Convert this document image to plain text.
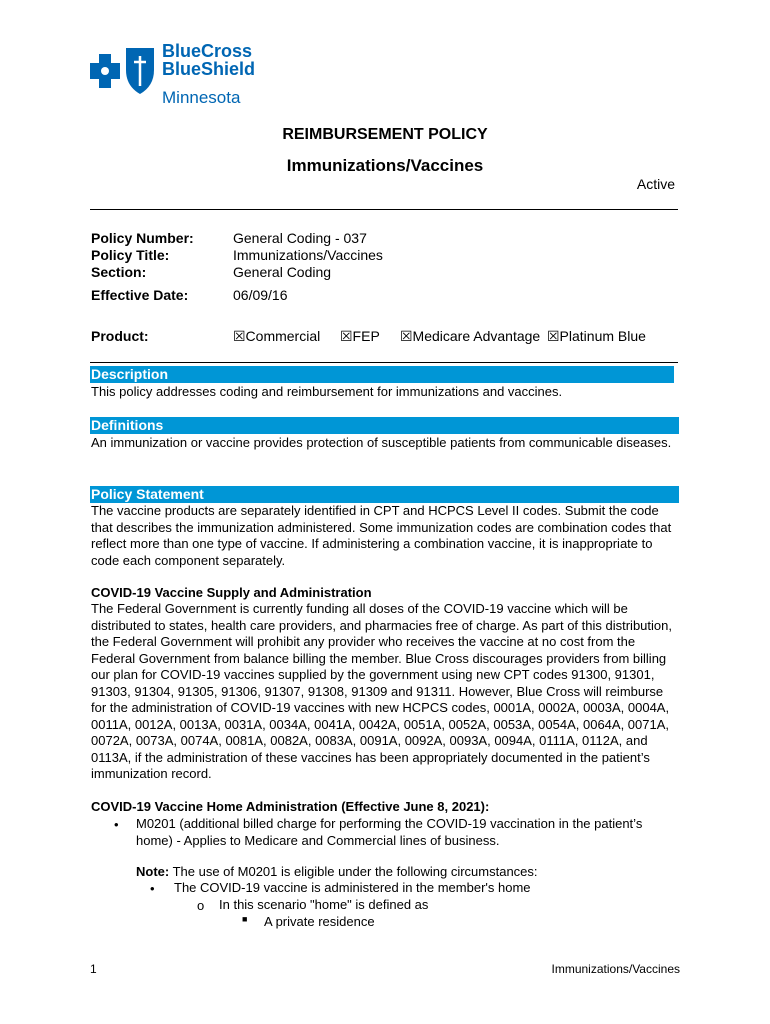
BlueCross
BlueShield
Minnesota
REIMBURSEMENT POLICY
Immunizations/Vaccines
Active
Policy Number:	General Coding - 037
Policy Title:	Immunizations/Vaccines
Section:	General Coding
Effective Date:	06/09/16
Product:	☒Commercial ☒FEP ☒Medicare Advantage ☒Platinum Blue
Description

This policy addresses coding and reimbursement for immunizations and vaccines.

Definitions

An immunization or vaccine provides protection of susceptible patients from communicable diseases.

Policy Statement

The vaccine products are separately identified in CPT and HCPCS Level II codes. Submit the code that describes the immunization administered. Some immunization codes are combination codes that reflect more than one type of vaccine. If administering a combination vaccine, it is inappropriate to code each component separately.

COVID-19 Vaccine Supply and Administration

The Federal Government is currently funding all doses of the COVID-19 vaccine which will be distributed to states, health care providers, and pharmacies free of charge. As part of this distribution, the Federal Government will prohibit any provider who receives the vaccine at no cost from the Federal Government from balance billing the member. Blue Cross discourages providers from billing our plan for COVID-19 vaccines supplied by the government using new CPT codes 91300, 91301, 91303, 91304, 91305, 91306, 91307, 91308, 91309 and 91311. However, Blue Cross will reimburse for the administration of COVID-19 vaccines with new HCPCS codes, 0001A, 0002A, 0003A, 0004A, 0011A, 0012A, 0013A, 0031A, 0034A, 0041A, 0042A, 0051A, 0052A, 0053A, 0054A, 0064A, 0071A, 0072A, 0073A, 0074A, 0081A, 0082A, 0083A, 0091A, 0092A, 0093A, 0094A, 0111A, 0112A, and 0113A, if the administration of these vaccines has been appropriately documented in the patient’s immunization record.

COVID-19 Vaccine Home Administration (Effective June 8, 2021):

• M0201 (additional billed charge for performing the COVID-19 vaccination in the patient’s home) - Applies to Medicare and Commercial lines of business.

Note: The use of M0201 is eligible under the following circumstances:

• The COVID-19 vaccine is administered in the member's home

o In this scenario "home" is defined as

■ A private residence

1	Immunizations/Vaccines
